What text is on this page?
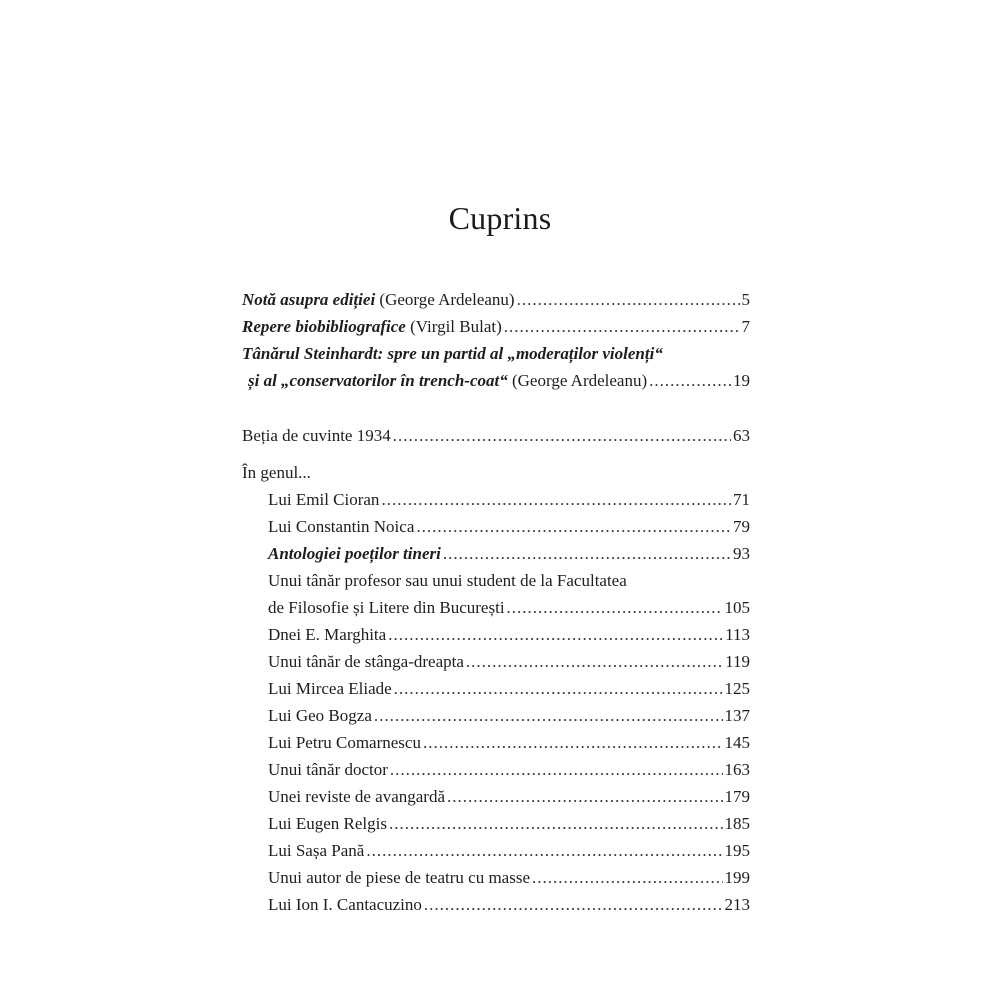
Cuprins
Notă asupra ediției (George Ardeleanu) .....	5
Repere biobibliografice (Virgil Bulat) .....	7
Tânărul Steinhardt: spre un partid al „moderaților violenți“
și al „conservatorilor în trench-coat“ (George Ardeleanu) .....	19
Beția de cuvinte 1934 .....	63
În genul...
Lui Emil Cioran .....	71
Lui Constantin Noica .....	79
Antologiei poeților tineri .....	93
Unui tânăr profesor sau unui student de la Facultatea
de Filosofie și Litere din București .....	105
Dnei E. Marghita .....	113
Unui tânăr de stânga-dreapta .....	119
Lui Mircea Eliade .....	125
Lui Geo Bogza .....	137
Lui Petru Comarnescu .....	145
Unui tânăr doctor .....	163
Unei reviste de avangardă .....	179
Lui Eugen Relgis .....	185
Lui Sașa Pană .....	195
Unui autor de piese de teatru cu masse .....	199
Lui Ion I. Cantacuzino .....	213
